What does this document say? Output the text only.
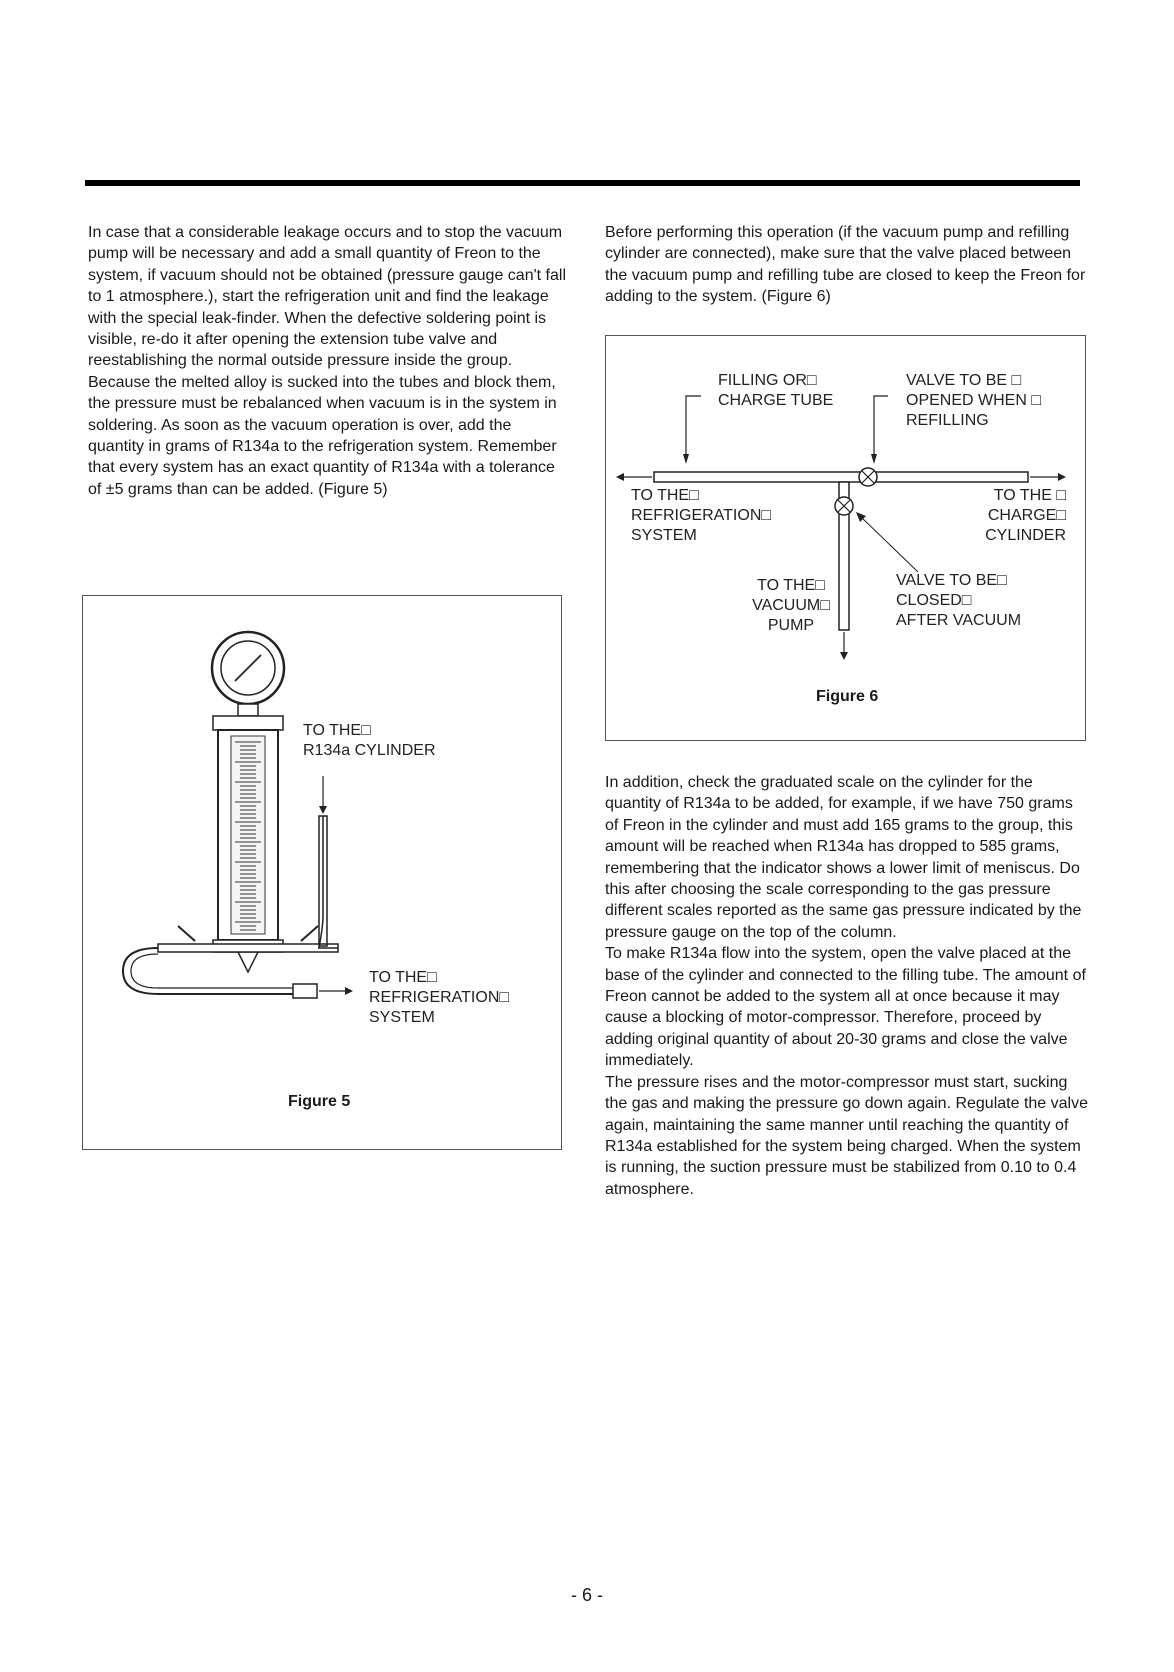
In case that a considerable leakage occurs and to stop the vacuum pump will be necessary and add a small quantity of Freon to the system, if vacuum should not be obtained (pressure gauge can't fall to 1 atmosphere.), start the refrigeration unit and find the leakage with the special leak-finder. When the defective soldering point is visible, re-do it after opening the extension tube valve and reestablishing the normal outside pressure inside the group.

Because the melted alloy is sucked into the tubes and block them, the pressure must be rebalanced when vacuum is in the system in soldering. As soon as the vacuum operation is over, add the quantity in grams of R134a to the refrigeration system. Remember that every system has an exact quantity of R134a with a tolerance of ±5 grams than can be added. (Figure 5)

TO THE□
R134a CYLINDER
TO THE□
REFRIGERATION□
SYSTEM
Figure 5

Before performing this operation (if the vacuum pump and refilling cylinder are connected), make sure that the valve placed between the vacuum pump and refilling tube are closed to keep the Freon for adding to the system. (Figure 6)

FILLING OR□
CHARGE TUBE
VALVE TO BE □
OPENED WHEN □
REFILLING
TO THE□
REFRIGERATION□
SYSTEM
TO THE □
CHARGE□
CYLINDER
TO THE□
VACUUM□
PUMP
VALVE TO BE□
CLOSED□
AFTER VACUUM
Figure 6

In addition, check the graduated scale on the cylinder for the quantity of R134a to be added, for example, if we have 750 grams of Freon in the cylinder and must add 165 grams to the group, this amount will be reached when R134a has dropped to 585 grams, remembering that the indicator shows a lower limit of meniscus. Do this after choosing the scale corresponding to the gas pressure different scales reported as the same gas pressure indicated by the pressure gauge on the top of the column.

To make R134a flow into the system, open the valve placed at the base of the cylinder and connected to the filling tube. The amount of Freon cannot be added to the system all at once because it may cause a blocking of motor-compressor. Therefore, proceed by adding original quantity of about 20-30 grams and close the valve immediately.

The pressure rises and the motor-compressor must start, sucking the gas and making the pressure go down again. Regulate the valve again, maintaining the same manner until reaching the quantity of R134a established for the system being charged. When the system is running, the suction pressure must be stabilized from 0.10 to 0.4 atmosphere.

- 6 -
